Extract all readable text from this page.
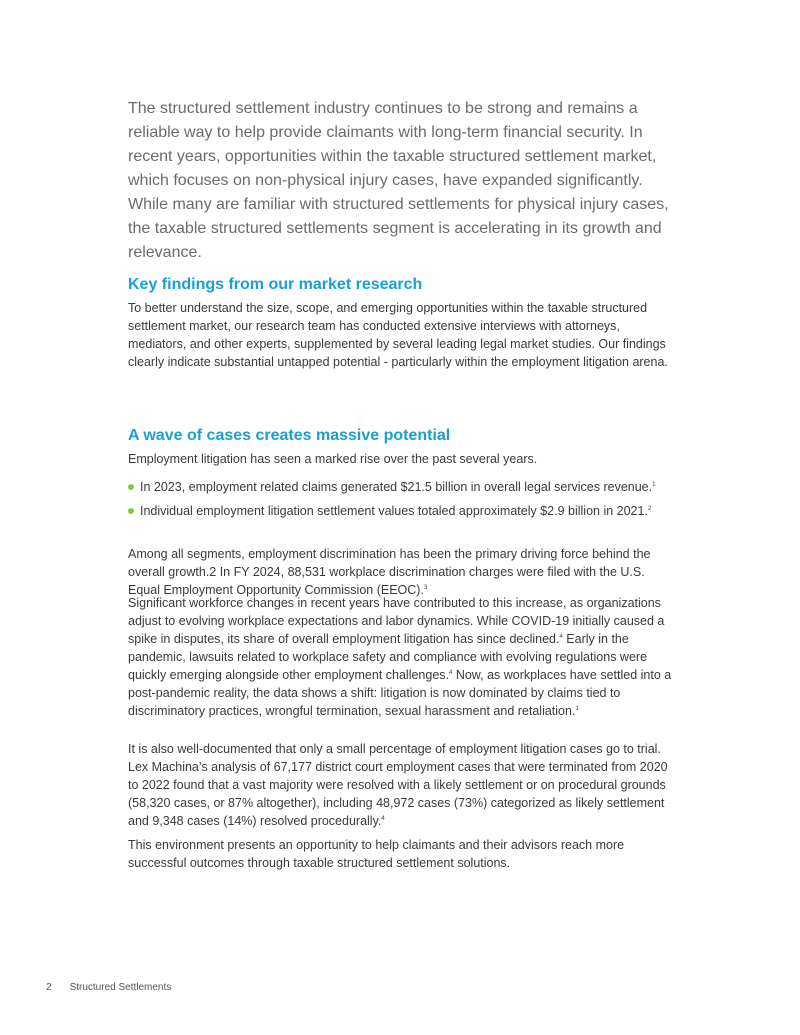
The structured settlement industry continues to be strong and remains a reliable way to help provide claimants with long-term financial security. In recent years, opportunities within the taxable structured settlement market, which focuses on non-physical injury cases, have expanded significantly. While many are familiar with structured settlements for physical injury cases, the taxable structured settlements segment is accelerating in its growth and relevance.

Key findings from our market research

To better understand the size, scope, and emerging opportunities within the taxable structured settlement market, our research team has conducted extensive interviews with attorneys, mediators, and other experts, supplemented by several leading legal market studies. Our findings clearly indicate substantial untapped potential - particularly within the employment litigation arena.

A wave of cases creates massive potential

Employment litigation has seen a marked rise over the past several years.

In 2023, employment related claims generated $21.5 billion in overall legal services revenue.$^1$
Individual employment litigation settlement values totaled approximately $2.9 billion in 2021.$^2$

Among all segments, employment discrimination has been the primary driving force behind the overall growth.2 In FY 2024, 88,531 workplace discrimination charges were filed with the U.S. Equal Employment Opportunity Commission (EEOC).$^3$

Significant workforce changes in recent years have contributed to this increase, as organizations adjust to evolving workplace expectations and labor dynamics. While COVID-19 initially caused a spike in disputes, its share of overall employment litigation has since declined.$^4$ Early in the pandemic, lawsuits related to workplace safety and compliance with evolving regulations were quickly emerging alongside other employment challenges.$^4$ Now, as workplaces have settled into a post-pandemic reality, the data shows a shift: litigation is now dominated by claims tied to discriminatory practices, wrongful termination, sexual harassment and retaliation.$^1$

It is also well-documented that only a small percentage of employment litigation cases go to trial. Lex Machina’s analysis of 67,177 district court employment cases that were terminated from 2020 to 2022 found that a vast majority were resolved with a likely settlement or on procedural grounds (58,320 cases, or 87% altogether), including 48,972 cases (73%) categorized as likely settlement and 9,348 cases (14%) resolved procedurally.$^4$

This environment presents an opportunity to help claimants and their advisors reach more successful outcomes through taxable structured settlement solutions.

2 Structured Settlements
